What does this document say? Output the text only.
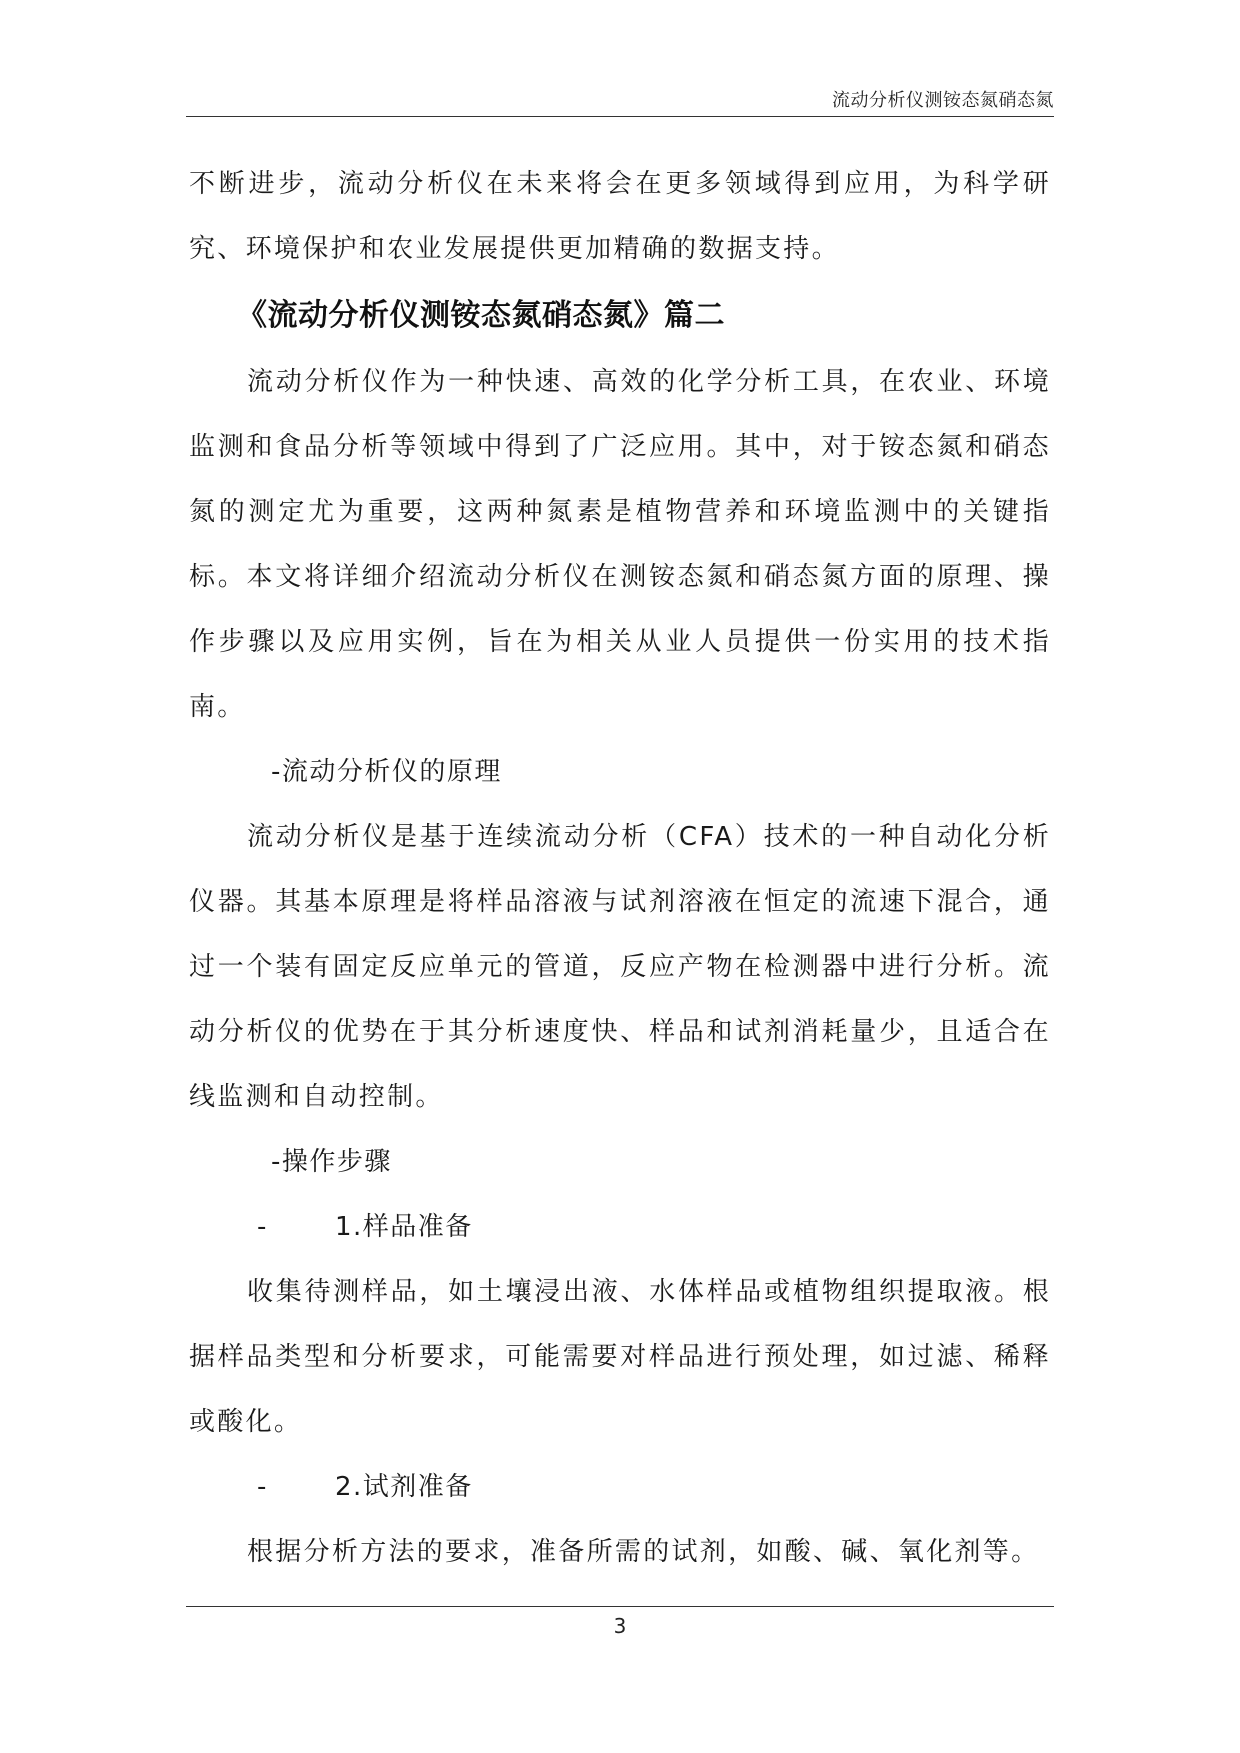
流动分析仪测铵态氮硝态氮

不断进步，流动分析仪在未来将会在更多领域得到应用，为科学研究、环境保护和农业发展提供更加精确的数据支持。

《流动分析仪测铵态氮硝态氮》篇二

流动分析仪作为一种快速、高效的化学分析工具，在农业、环境监测和食品分析等领域中得到了广泛应用。其中，对于铵态氮和硝态氮的测定尤为重要，这两种氮素是植物营养和环境监测中的关键指标。本文将详细介绍流动分析仪在测铵态氮和硝态氮方面的原理、操作步骤以及应用实例，旨在为相关从业人员提供一份实用的技术指南。

-流动分析仪的原理

流动分析仪是基于连续流动分析（CFA）技术的一种自动化分析仪器。其基本原理是将样品溶液与试剂溶液在恒定的流速下混合，通过一个装有固定反应单元的管道，反应产物在检测器中进行分析。流动分析仪的优势在于其分析速度快、样品和试剂消耗量少，且适合在线监测和自动控制。

-操作步骤

-	1.样品准备

收集待测样品，如土壤浸出液、水体样品或植物组织提取液。根据样品类型和分析要求，可能需要对样品进行预处理，如过滤、稀释或酸化。

-	2.试剂准备

根据分析方法的要求，准备所需的试剂，如酸、碱、氧化剂等。

3
